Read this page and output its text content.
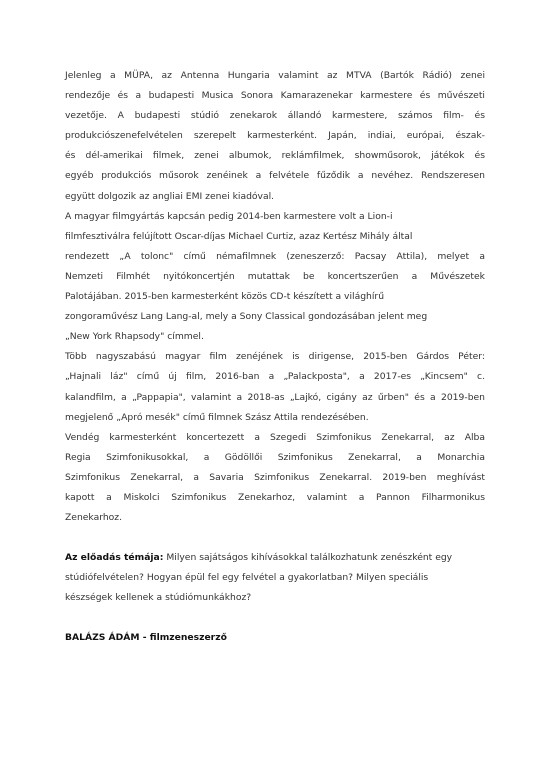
Jelenleg a MÜPA, az Antenna Hungaria valamint az MTVA (Bartók Rádió) zenei
rendezője és a budapesti Musica Sonora Kamarazenekar karmestere és művészeti
vezetője. A budapesti stúdió zenekarok állandó karmestere, számos film- és
produkciószenefelvételen szerepelt karmesterként. Japán, indiai, európai, észak-
és dél-amerikai filmek, zenei albumok, reklámfilmek, showműsorok, játékok és
egyéb produkciós műsorok zenéinek a felvétele fűződik a nevéhez. Rendszeresen
együtt dolgozik az angliai EMI zenei kiadóval.

A magyar filmgyártás kapcsán pedig 2014-ben karmestere volt a Lion-i
filmfesztiválra felújított Oscar-díjas Michael Curtiz, azaz Kertész Mihály által
rendezett „A tolonc" című némafilmnek (zeneszerző: Pacsay Attila), melyet a
Nemzeti Filmhét nyitókoncertjén mutattak be koncertszerűen a Művészetek
Palotájában. 2015-ben karmesterként közös CD-t készített a világhírű
zongoraművész Lang Lang-al, mely a Sony Classical gondozásában jelent meg
„New York Rhapsody" címmel.

Több nagyszabású magyar film zenéjének is dirigense, 2015-ben Gárdos Péter:
„Hajnali láz" című új film, 2016-ban a „Palackposta", a 2017-es „Kincsem" c.
kalandfilm, a „Pappapia", valamint a 2018-as „Lajkó, cigány az űrben" és a 2019-ben
megjelenő „Apró mesék" című filmnek Szász Attila rendezésében.

Vendég karmesterként koncertezett a Szegedi Szimfonikus Zenekarral, az Alba
Regia Szimfonikusokkal, a Gödöllői Szimfonikus Zenekarral, a Monarchia
Szimfonikus Zenekarral, a Savaria Szimfonikus Zenekarral. 2019-ben meghívást
kapott a Miskolci Szimfonikus Zenekarhoz, valamint a Pannon Filharmonikus
Zenekarhoz.

Az előadás témája: Milyen sajátságos kihívásokkal találkozhatunk zenészként egy
stúdiófelvételen? Hogyan épül fel egy felvétel a gyakorlatban? Milyen speciális
készségek kellenek a stúdiómunkákhoz?

BALÁZS ÁDÁM - filmzeneszerző
